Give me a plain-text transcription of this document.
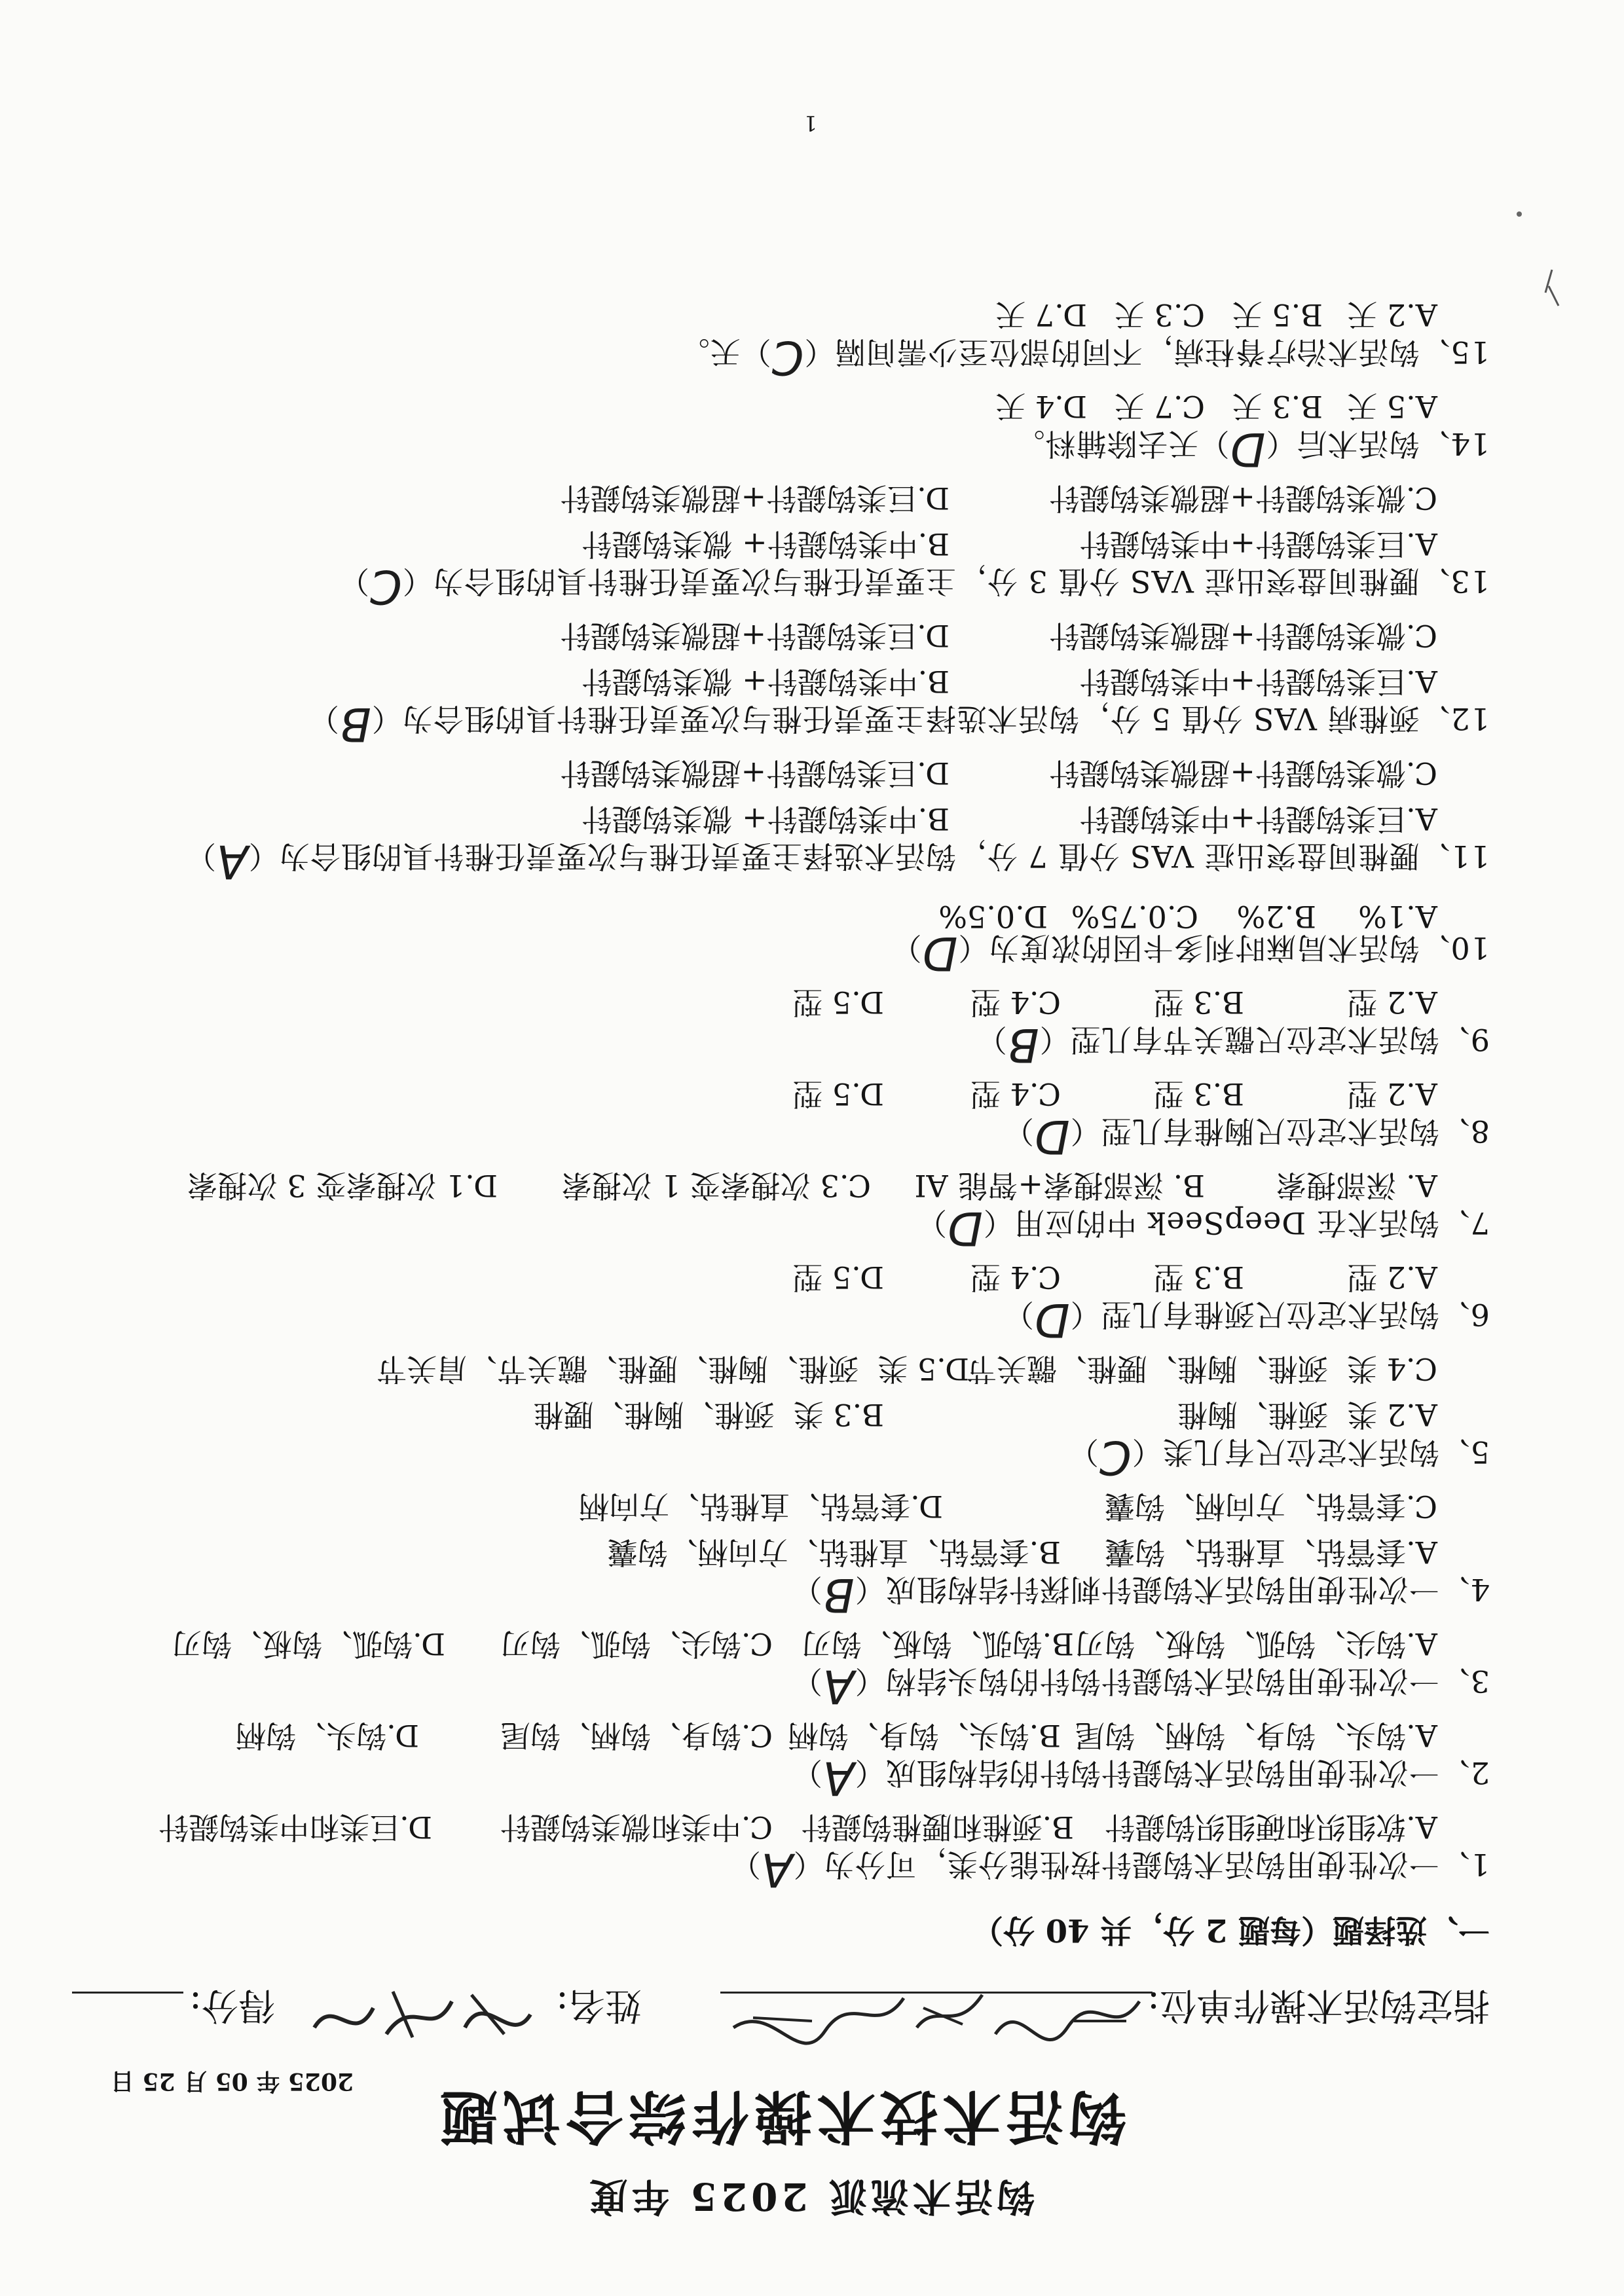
钩活术流派 2025 年度
钩活术技术操作综合试题
2025 年 05 月 25 日
指定钩活术操作单位:
姓名:
得分:
一、选择题（每题 2 分，共 40 分）
1、一次性使用钩活术钩鍉针按性能分类，可分为（A）
A.软组织和硬组织钩鍉针
B.颈椎和腰椎钩鍉针
C.中类和微类钩鍉针
D.巨类和中类钩鍉针
2、一次性使用钩活术钩鍉针钩针的结构组成（A）
A.钩头、钩身、钩柄、钩尾
B.钩头、钩身、钩柄
C.钩身、钩柄、钩尾
D.钩头、钩柄
3、一次性使用钩活术钩鍉针钩针的钩头结构（A）
A.钩尖、钩弧、钩板、钩刃
B.钩弧、钩板、钩刃
C.钩尖、钩弧、钩刃
D.钩弧、钩板、钩刃
4、一次性使用钩活术钩鍉针刺探针结构组成（B）
A.套管钻、直椎钻、钩囊
B.套管钻、直椎钻、方向柄、钩囊
C.套管钻、方向柄、钩囊
D.套管钻、直椎钻、方向柄
5、钩活术定位尺有几类（C）
A.2 类  颈椎、胸椎
B.3 类  颈椎、胸椎、腰椎
C.4 类  颈椎、胸椎、腰椎、髋关节
D.5 类  颈椎、胸椎、腰椎、髋关节、肩关节
6、钩活术定位尺颈椎有几型（D）
A.2 型
B.3 型
C.4 型
D.5 型
7、钩活术在 DeepSeek 中的应用（D）
A. 深部搜索
B. 深部搜索+智能 AI
C.3 次搜索变 1 次搜索
D.1 次搜索变 3 次搜索
8、钩活术定位尺胸椎有几型（D）
A.2 型
B.3 型
C.4 型
D.5 型
9、钩活术定位尺髋关节有几型（B）
A.2 型
B.3 型
C.4 型
D.5 型
10、钩活术局麻时利多卡因的浓度为（D）
A.1%
B.2%
C.0.75%
D.0.5%
11、腰椎间盘突出症 VAS 分值 7 分，钩活术选择主要责任椎与次要责任椎针具的组合为（A）
A.巨类钩鍉针+中类钩鍉针
B.中类钩鍉针+ 微类钩鍉针
C.微类钩鍉针+超微类钩鍉针
D.巨类钩鍉针+超微类钩鍉针
12、颈椎病 VAS 分值 5 分，钩活术选择主要责任椎与次要责任椎针具的组合为（B）
A.巨类钩鍉针+中类钩鍉针
B.中类钩鍉针+ 微类钩鍉针
C.微类钩鍉针+超微类钩鍉针
D.巨类钩鍉针+超微类钩鍉针
13、腰椎间盘突出症 VAS 分值 3 分，主要责任椎与次要责任椎针具的组合为（C）
A.巨类钩鍉针+中类钩鍉针
B.中类钩鍉针+ 微类钩鍉针
C.微类钩鍉针+超微类钩鍉针
D.巨类钩鍉针+超微类钩鍉针
14、钩活术后（D）天去除辅料。
A.5 天
B.3 天
C.7 天
D.4 天
15、钩活术治疗脊柱病，不同的部位至少需间隔（C）天。
A.2 天
B.5 天
C.3 天
D.7 天
1
